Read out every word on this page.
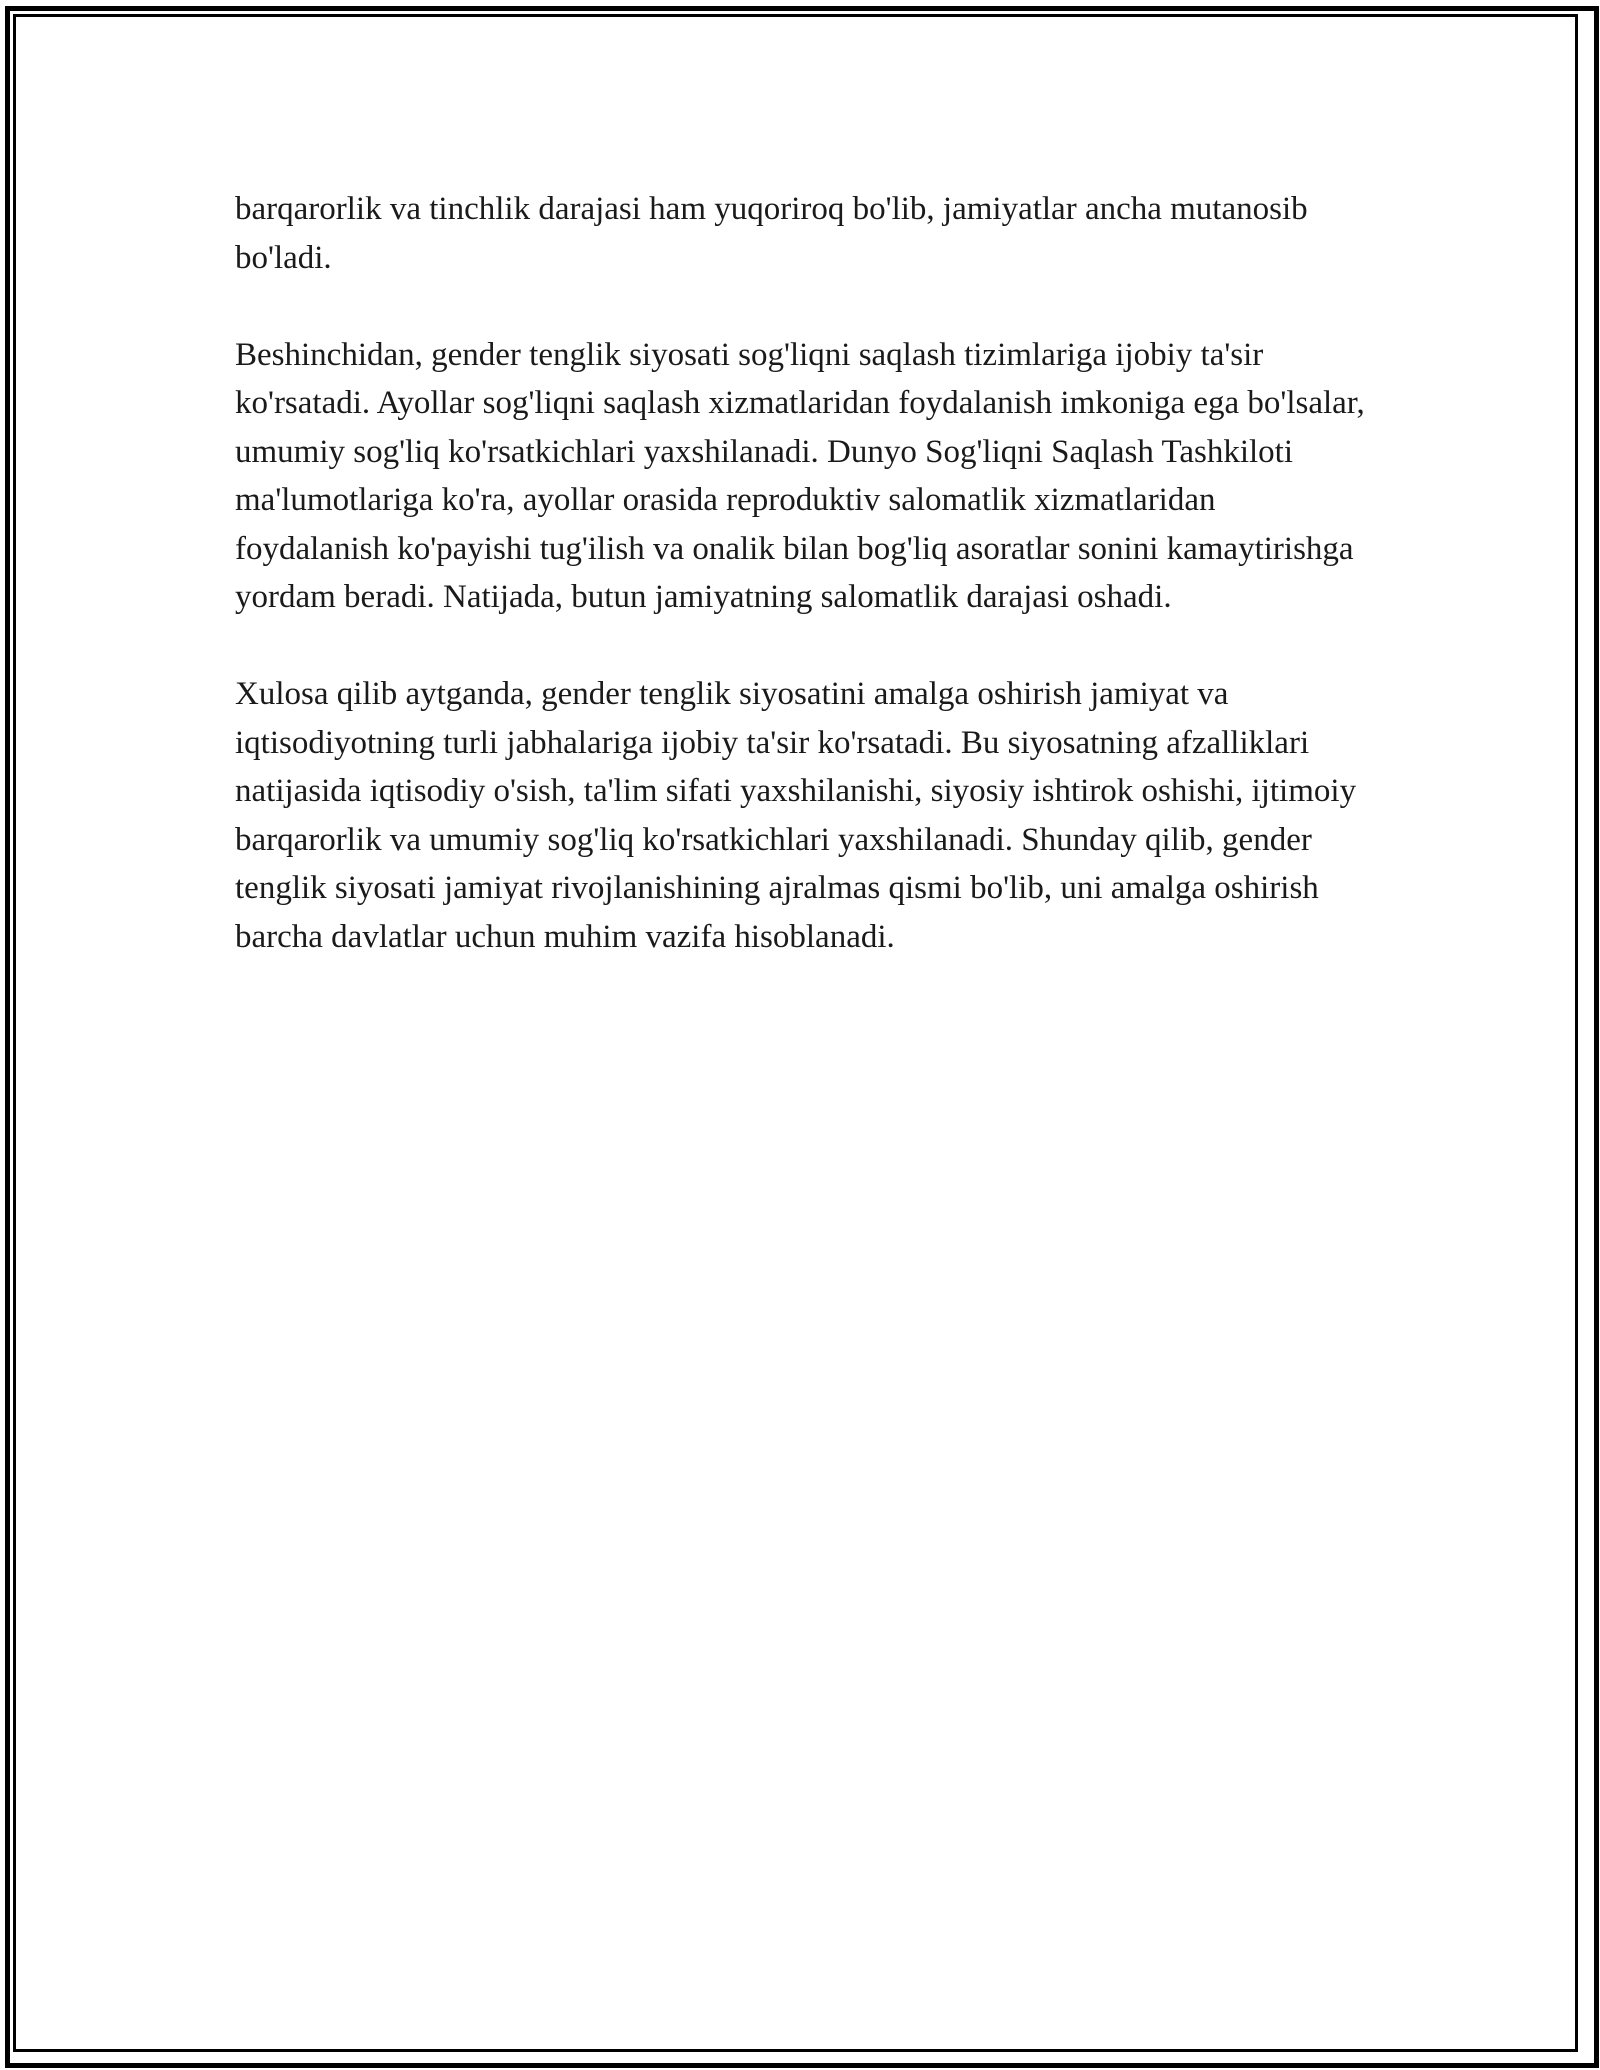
barqarorlik va tinchlik darajasi ham yuqoriroq bo'lib, jamiyatlar ancha mutanosib bo'ladi.

Beshinchidan, gender tenglik siyosati sog'liqni saqlash tizimlariga ijobiy ta'sir ko'rsatadi. Ayollar sog'liqni saqlash xizmatlaridan foydalanish imkoniga ega bo'lsalar, umumiy sog'liq ko'rsatkichlari yaxshilanadi. Dunyo Sog'liqni Saqlash Tashkiloti ma'lumotlariga ko'ra, ayollar orasida reproduktiv salomatlik xizmatlaridan foydalanish ko'payishi tug'ilish va onalik bilan bog'liq asoratlar sonini kamaytirishga yordam beradi. Natijada, butun jamiyatning salomatlik darajasi oshadi.

Xulosa qilib aytganda, gender tenglik siyosatini amalga oshirish jamiyat va iqtisodiyotning turli jabhalariga ijobiy ta'sir ko'rsatadi. Bu siyosatning afzalliklari natijasida iqtisodiy o'sish, ta'lim sifati yaxshilanishi, siyosiy ishtirok oshishi, ijtimoiy barqarorlik va umumiy sog'liq ko'rsatkichlari yaxshilanadi. Shunday qilib, gender tenglik siyosati jamiyat rivojlanishining ajralmas qismi bo'lib, uni amalga oshirish barcha davlatlar uchun muhim vazifa hisoblanadi.
